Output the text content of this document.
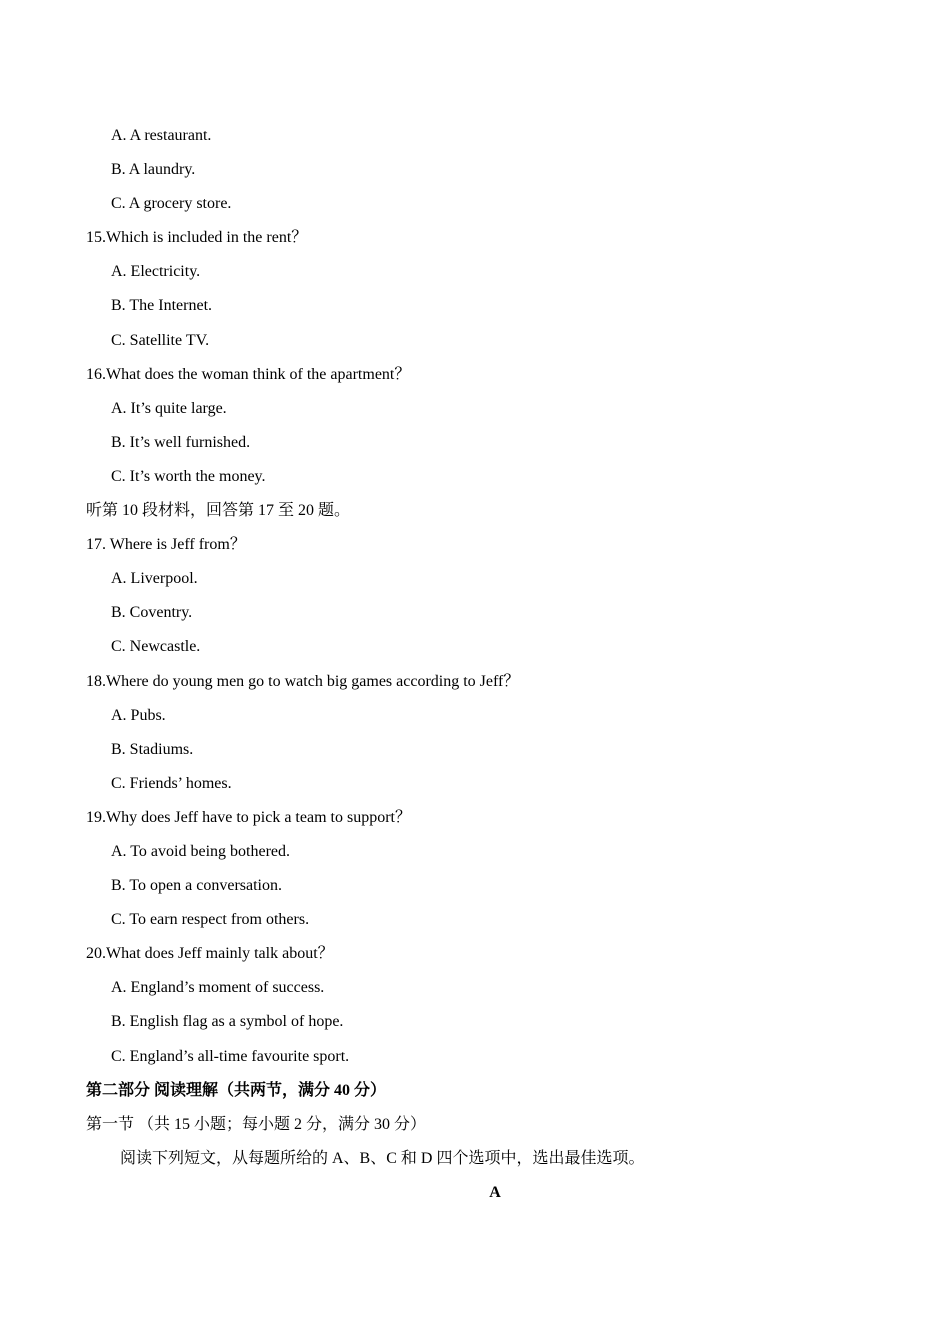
A. A restaurant.
B. A laundry.
C. A grocery store.
15.Which is included in the rent？
A. Electricity.
B. The Internet.
C. Satellite TV.
16.What does the woman think of the apartment？
A. It’s quite large.
B. It’s well furnished.
C. It’s worth the money.
听第 10 段材料，回答第 17 至 20 题。
17. Where is Jeff from？
A. Liverpool.
B. Coventry.
C. Newcastle.
18.Where do young men go to watch big games according to Jeff？
A. Pubs.
B. Stadiums.
C. Friends’ homes.
19.Why does Jeff have to pick a team to support？
A. To avoid being bothered.
B. To open a conversation.
C. To earn respect from others.
20.What does Jeff mainly talk about？
A. England’s moment of success.
B. English flag as a symbol of hope.
C. England’s all-time favourite sport.
第二部分 阅读理解（共两节，满分 40 分）
第一节 （共 15 小题；每小题 2 分，满分 30 分）
阅读下列短文，从每题所给的 A、B、C 和 D 四个选项中，选出最佳选项。
A
